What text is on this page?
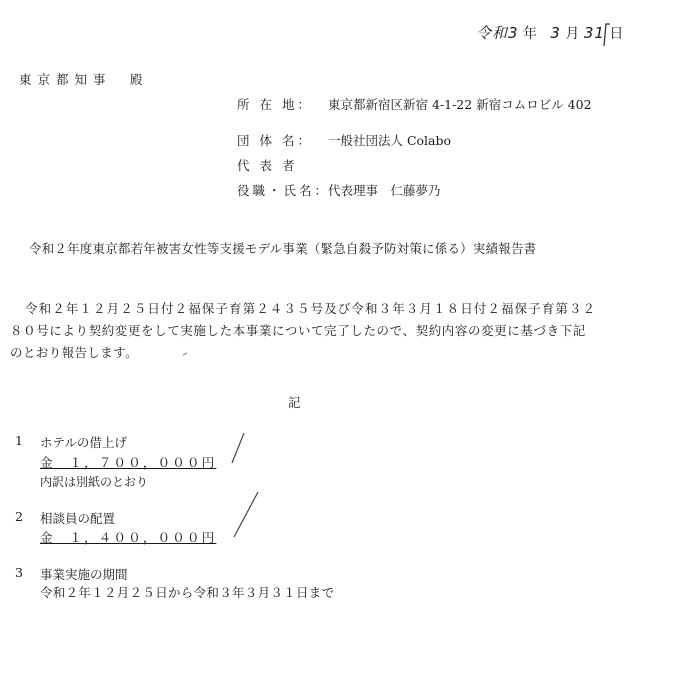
令和3 年 3 月 31 日
東京都知事　殿
所 在 地： 東京都新宿区新宿 4-1-22 新宿コムロビル 402
団 体 名： 一般社団法人 Colabo
代 表 者
役職・氏名： 代表理事　仁藤夢乃
令和２年度東京都若年被害女性等支援モデル事業（緊急自殺予防対策に係る）実績報告書
令和２年１２月２５日付２福保子育第２４３５号及び令和３年３月１８日付２福保子育第３２
８０号により契約変更をして実施した本事業について完了したので、契約内容の変更に基づき下記
のとおり報告します。
記
1 ホテルの借上げ
金　１，７００，０００円
内訳は別紙のとおり
2 相談員の配置
金　１，４００，０００円
3 事業実施の期間
令和２年１２月２５日から令和３年３月３１日まで
